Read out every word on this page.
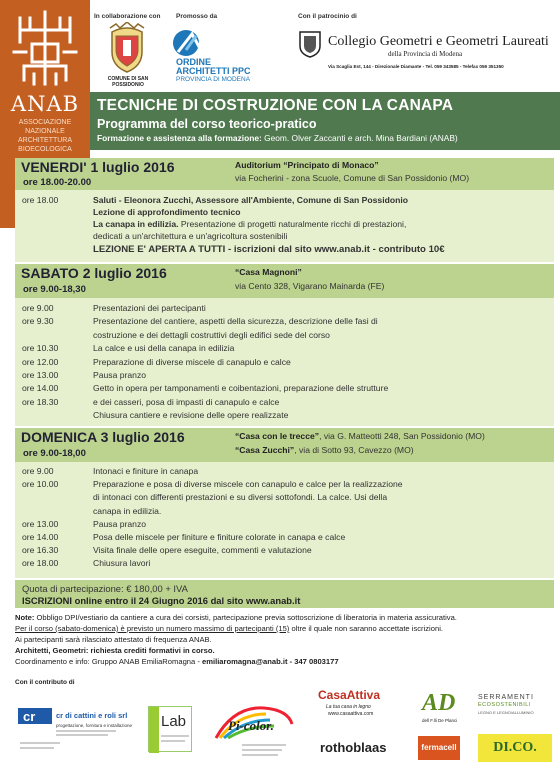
ANAB
ASSOCIAZIONE
NAZIONALE
ARCHITETTURA
BIOECOLOGICA
In collaborazione con Promosso da	Con il patrocinio di
COMUNE DI SAN POSSIDONIO
ORDINE
ARCHITETTI PPC
PROVINCIA DI MODENA
Collegio Geometri e Geometri Laureati
della Provincia di Modena
Via Scaglia Est, 144 - Direzionale Diamante - Tel. 059 343585 - Telefax 059 351350
TECNICHE DI COSTRUZIONE CON LA CANAPA
Programma del corso teorico-pratico
Formazione e assistenza alla formazione: Geom. Olver Zaccanti e arch. Mina Bardiani (ANAB)
VENERDI' 1 luglio 2016
ore 18.00-20.00
Auditorium “Principato di Monaco”
via Focherini - zona Scuole, Comune di San Possidonio (MO)
ore 18.00	Saluti - Eleonora Zucchi, Assessore all'Ambiente, Comune di San Possidonio
Lezione di approfondimento tecnico
La canapa in edilizia. Presentazione di progetti naturalmente ricchi di prestazioni,
dedicati a un'architettura e un'agricoltura sostenibili
LEZIONE E' APERTA A TUTTI - iscrizioni dal sito www.anab.it - contributo 10€
SABATO 2 luglio 2016
ore 9.00-18,30
“Casa Magnoni”
via Cento 328, Vigarano Mainarda (FE)
ore 9.00	Presentazioni dei partecipanti
ore 9.30	Presentazione del cantiere, aspetti della sicurezza, descrizione delle fasi di
costruzione e dei dettagli costruttivi degli edifici sede del corso
ore 10.30	La calce e usi della canapa in edilizia
ore 12.00	Preparazione di diverse miscele di canapulo e calce
ore 13.00	Pausa pranzo
ore 14.00	Getto in opera per tamponamenti e coibentazioni, preparazione delle strutture
ore 18.30	e dei casseri, posa di impasti di canapulo e calce
Chiusura cantiere e revisione delle opere realizzate
DOMENICA 3 luglio 2016
ore 9.00-18,00
“Casa con le trecce”, via G. Matteotti 248, San Possidonio (MO)
“Casa Zucchi”, via di Sotto 93, Cavezzo (MO)
ore 9.00	Intonaci e finiture in canapa
ore 10.00	Preparazione e posa di diverse miscele con canapulo e calce per la realizzazione
di intonaci con differenti prestazioni e su diversi sottofondi. La calce. Usi della
canapa in edilizia.
ore 13.00	Pausa pranzo
ore 14.00	Posa delle miscele per finiture e finiture colorate in canapa e calce
ore 16.30	Visita finale delle opere eseguite, commenti e valutazione
ore 18.00	Chiusura lavori
Quota di partecipazione: € 180,00 + IVA
ISCRIZIONI online entro il 24 Giugno 2016 dal sito www.anab.it
Note: Obbligo DPI/vestiario da cantiere a cura dei corsisti, partecipazione previa sottoscrizione di liberatoria in materia assicurativa.
Per il corso (sabato-domenica) è previsto un numero massimo di partecipanti (15) oltre il quale non saranno accettate iscrizioni.
Ai partecipanti sarà rilasciato attestato di frequenza ANAB.
Architetti, Geometri: richiesta crediti formativi in corso.
Coordinamento e info: Gruppo ANAB EmiliaRomagna - emiliaromagna@anab.it - 347 0803177
Con il contributo di
cr	cr di cattini e roli srl
progettazione, fornitura e installazione Lab	Pi-color.
CasaAttiva
La tua casa in legno
www.casaattiva.com AD
dell F.lli De Planci
SERRAMENTI
ECOSOSTENIBILI
LEGNO E LEGNO/ALLUMINIO
rothoblaas	fermacell	DI.CO.
